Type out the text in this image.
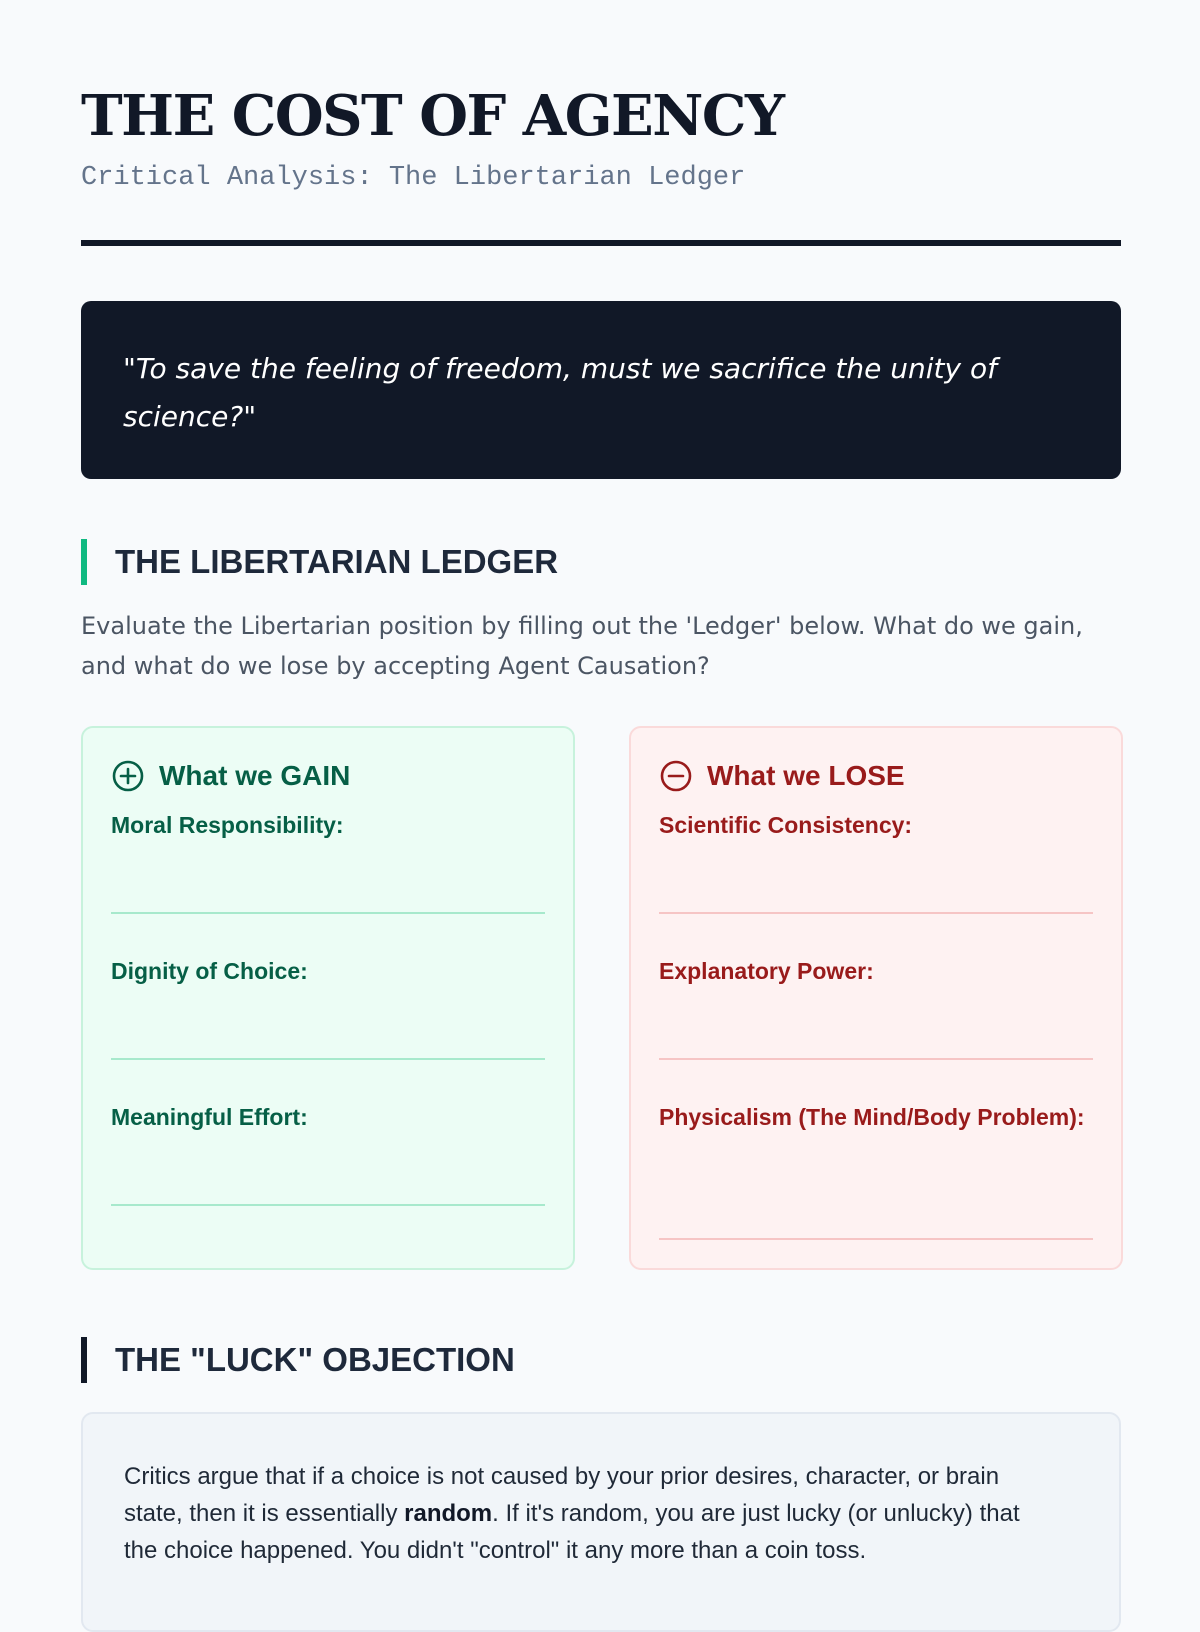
THE COST OF AGENCY
Critical Analysis: The Libertarian Ledger
"To save the feeling of freedom, must we sacrifice the unity of science?"
THE LIBERTARIAN LEDGER
Evaluate the Libertarian position by filling out the 'Ledger' below. What do we gain, and what do we lose by accepting Agent Causation?
What we GAIN
Moral Responsibility:
Dignity of Choice:
Meaningful Effort:
What we LOSE
Scientific Consistency:
Explanatory Power:
Physicalism (The Mind/Body Problem):
THE "LUCK" OBJECTION
Critics argue that if a choice is not caused by your prior desires, character, or brain state, then it is essentially random. If it's random, you are just lucky (or unlucky) that the choice happened. You didn't "control" it any more than a coin toss.
